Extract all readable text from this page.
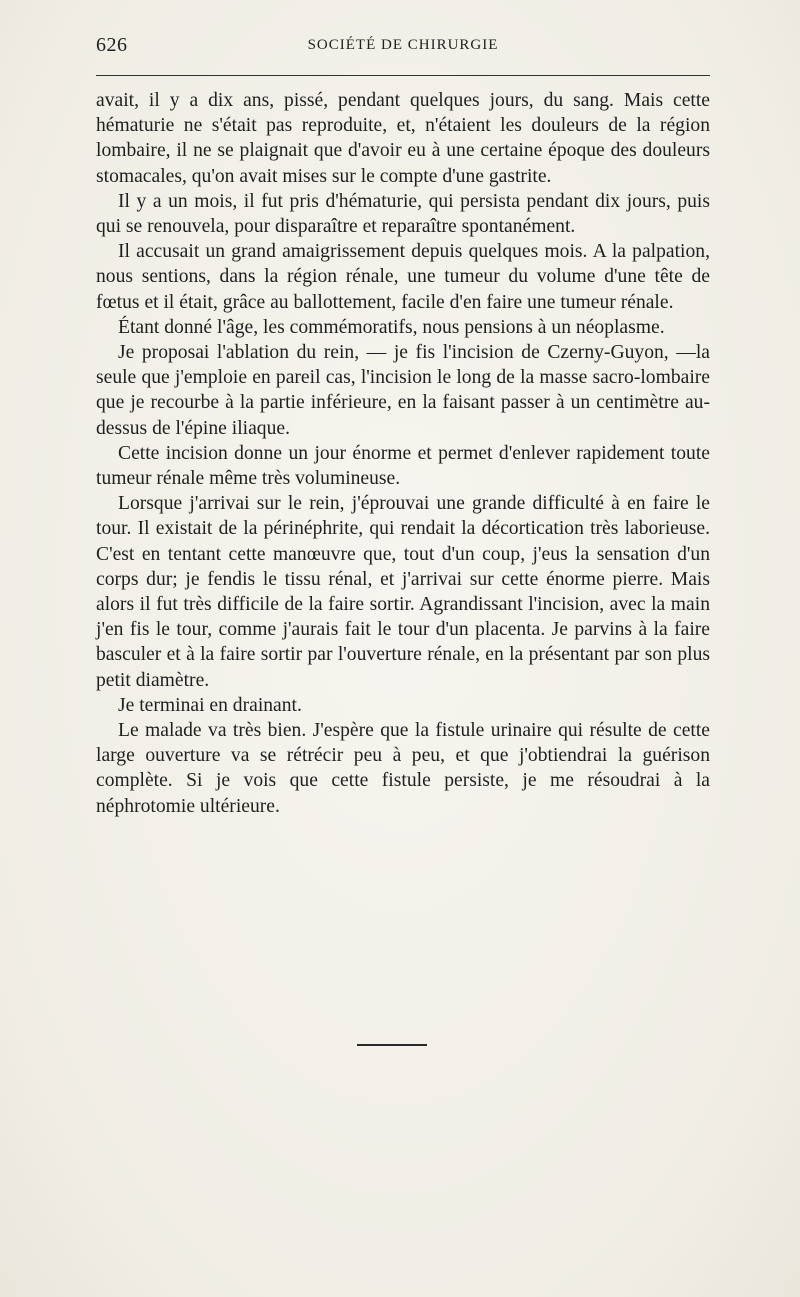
626	SOCIÉTÉ DE CHIRURGIE

avait, il y a dix ans, pissé, pendant quelques jours, du sang. Mais cette hématurie ne s'était pas reproduite, et, n'étaient les douleurs de la région lombaire, il ne se plaignait que d'avoir eu à une certaine époque des douleurs stomacales, qu'on avait mises sur le compte d'une gastrite.

Il y a un mois, il fut pris d'hématurie, qui persista pendant dix jours, puis qui se renouvela, pour disparaître et reparaître spontanément.

Il accusait un grand amaigrissement depuis quelques mois. A la palpation, nous sentions, dans la région rénale, une tumeur du volume d'une tête de fœtus et il était, grâce au ballottement, facile d'en faire une tumeur rénale.

Étant donné l'âge, les commémoratifs, nous pensions à un néoplasme.

Je proposai l'ablation du rein, — je fis l'incision de Czerny-Guyon, —la seule que j'emploie en pareil cas, l'incision le long de la masse sacro-lombaire que je recourbe à la partie inférieure, en la faisant passer à un centimètre au-dessus de l'épine iliaque.

Cette incision donne un jour énorme et permet d'enlever rapidement toute tumeur rénale même très volumineuse.

Lorsque j'arrivai sur le rein, j'éprouvai une grande difficulté à en faire le tour. Il existait de la périnéphrite, qui rendait la décortication très laborieuse. C'est en tentant cette manœuvre que, tout d'un coup, j'eus la sensation d'un corps dur; je fendis le tissu rénal, et j'arrivai sur cette énorme pierre. Mais alors il fut très difficile de la faire sortir. Agrandissant l'incision, avec la main j'en fis le tour, comme j'aurais fait le tour d'un placenta. Je parvins à la faire basculer et à la faire sortir par l'ouverture rénale, en la présentant par son plus petit diamètre.

Je terminai en drainant.

Le malade va très bien. J'espère que la fistule urinaire qui résulte de cette large ouverture va se rétrécir peu à peu, et que j'obtiendrai la guérison complète. Si je vois que cette fistule persiste, je me résoudrai à la néphrotomie ultérieure.
